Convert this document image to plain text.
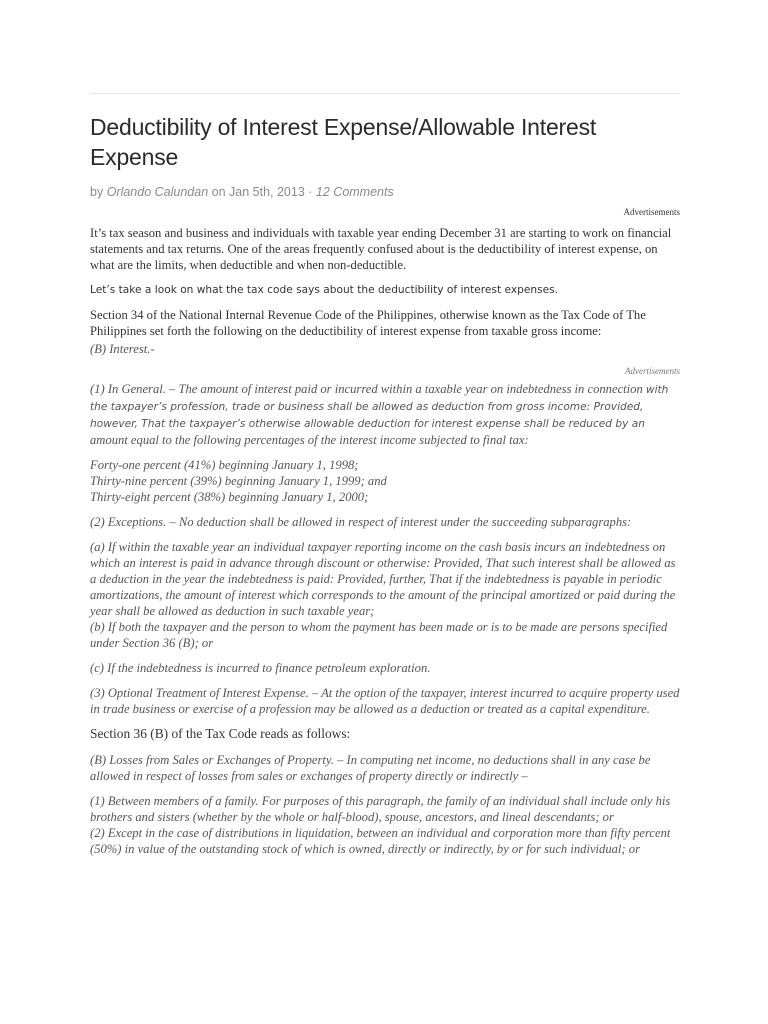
Deductibility of Interest Expense/Allowable Interest Expense
by Orlando Calundan on Jan 5th, 2013 · 12 Comments
Advertisements

It’s tax season and business and individuals with taxable year ending December 31 are starting to work on financial statements and tax returns. One of the areas frequently confused about is the deductibility of interest expense, on what are the limits, when deductible and when non-deductible.

Let’s take a look on what the tax code says about the deductibility of interest expenses.

Section 34 of the National Internal Revenue Code of the Philippines, otherwise known as the Tax Code of The Philippines set forth the following on the deductibility of interest expense from taxable gross income:

(B) Interest.-

Advertisements

(1) In General. – The amount of interest paid or incurred within a taxable year on indebtedness in connection with the taxpayer’s profession, trade or business shall be allowed as deduction from gross income: Provided, however, That the taxpayer’s otherwise allowable deduction for interest expense shall be reduced by an amount equal to the following percentages of the interest income subjected to final tax:

Forty-one percent (41%) beginning January 1, 1998;
Thirty-nine percent (39%) beginning January 1, 1999; and
Thirty-eight percent (38%) beginning January 1, 2000;

(2) Exceptions. – No deduction shall be allowed in respect of interest under the succeeding subparagraphs:

(a) If within the taxable year an individual taxpayer reporting income on the cash basis incurs an indebtedness on which an interest is paid in advance through discount or otherwise: Provided, That such interest shall be allowed as a deduction in the year the indebtedness is paid: Provided, further, That if the indebtedness is payable in periodic amortizations, the amount of interest which corresponds to the amount of the principal amortized or paid during the year shall be allowed as deduction in such taxable year;
(b) If both the taxpayer and the person to whom the payment has been made or is to be made are persons specified under Section 36 (B); or

(c) If the indebtedness is incurred to finance petroleum exploration.

(3) Optional Treatment of Interest Expense. – At the option of the taxpayer, interest incurred to acquire property used in trade business or exercise of a profession may be allowed as a deduction or treated as a capital expenditure.

Section 36 (B) of the Tax Code reads as follows:

(B) Losses from Sales or Exchanges of Property. – In computing net income, no deductions shall in any case be allowed in respect of losses from sales or exchanges of property directly or indirectly –

(1) Between members of a family. For purposes of this paragraph, the family of an individual shall include only his brothers and sisters (whether by the whole or half-blood), spouse, ancestors, and lineal descendants; or
(2) Except in the case of distributions in liquidation, between an individual and corporation more than fifty percent (50%) in value of the outstanding stock of which is owned, directly or indirectly, by or for such individual; or
